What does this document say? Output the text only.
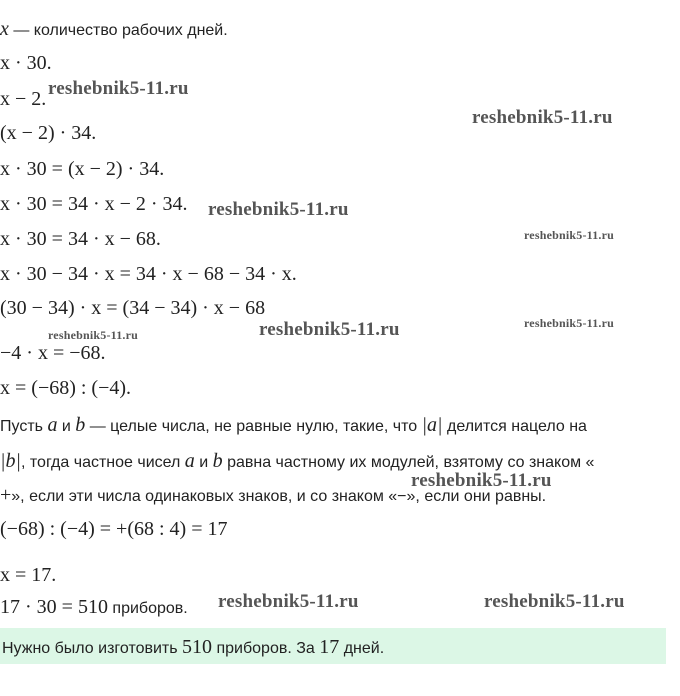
x — количество рабочих дней.
x · 30.
x − 2.
(x − 2) · 34.
x · 30 = (x − 2) · 34.
x · 30 = 34 · x − 2 · 34.
x · 30 = 34 · x − 68.
x · 30 − 34 · x = 34 · x − 68 − 34 · x.
(30 − 34) · x = (34 − 34) · x − 68
−4 · x = −68.
x = (−68) : (−4).
Пусть a и b — целые числа, не равные нулю, такие, что |a| делится нацело на
|b|, тогда частное чисел a и b равна частному их модулей, взятому со знаком «
+», если эти числа одинаковых знаков, и со знаком «−», если они равны.
(−68) : (−4) = +(68 : 4) = 17
x = 17.
17 · 30 = 510 приборов.
Нужно было изготовить 510 приборов. За 17 дней.
reshebnik5-11.ru
reshebnik5-11.ru
reshebnik5-11.ru
reshebnik5-11.ru
reshebnik5-11.ru
reshebnik5-11.ru
reshebnik5-11.ru
reshebnik5-11.ru
reshebnik5-11.ru	reshebnik5-11.ru
